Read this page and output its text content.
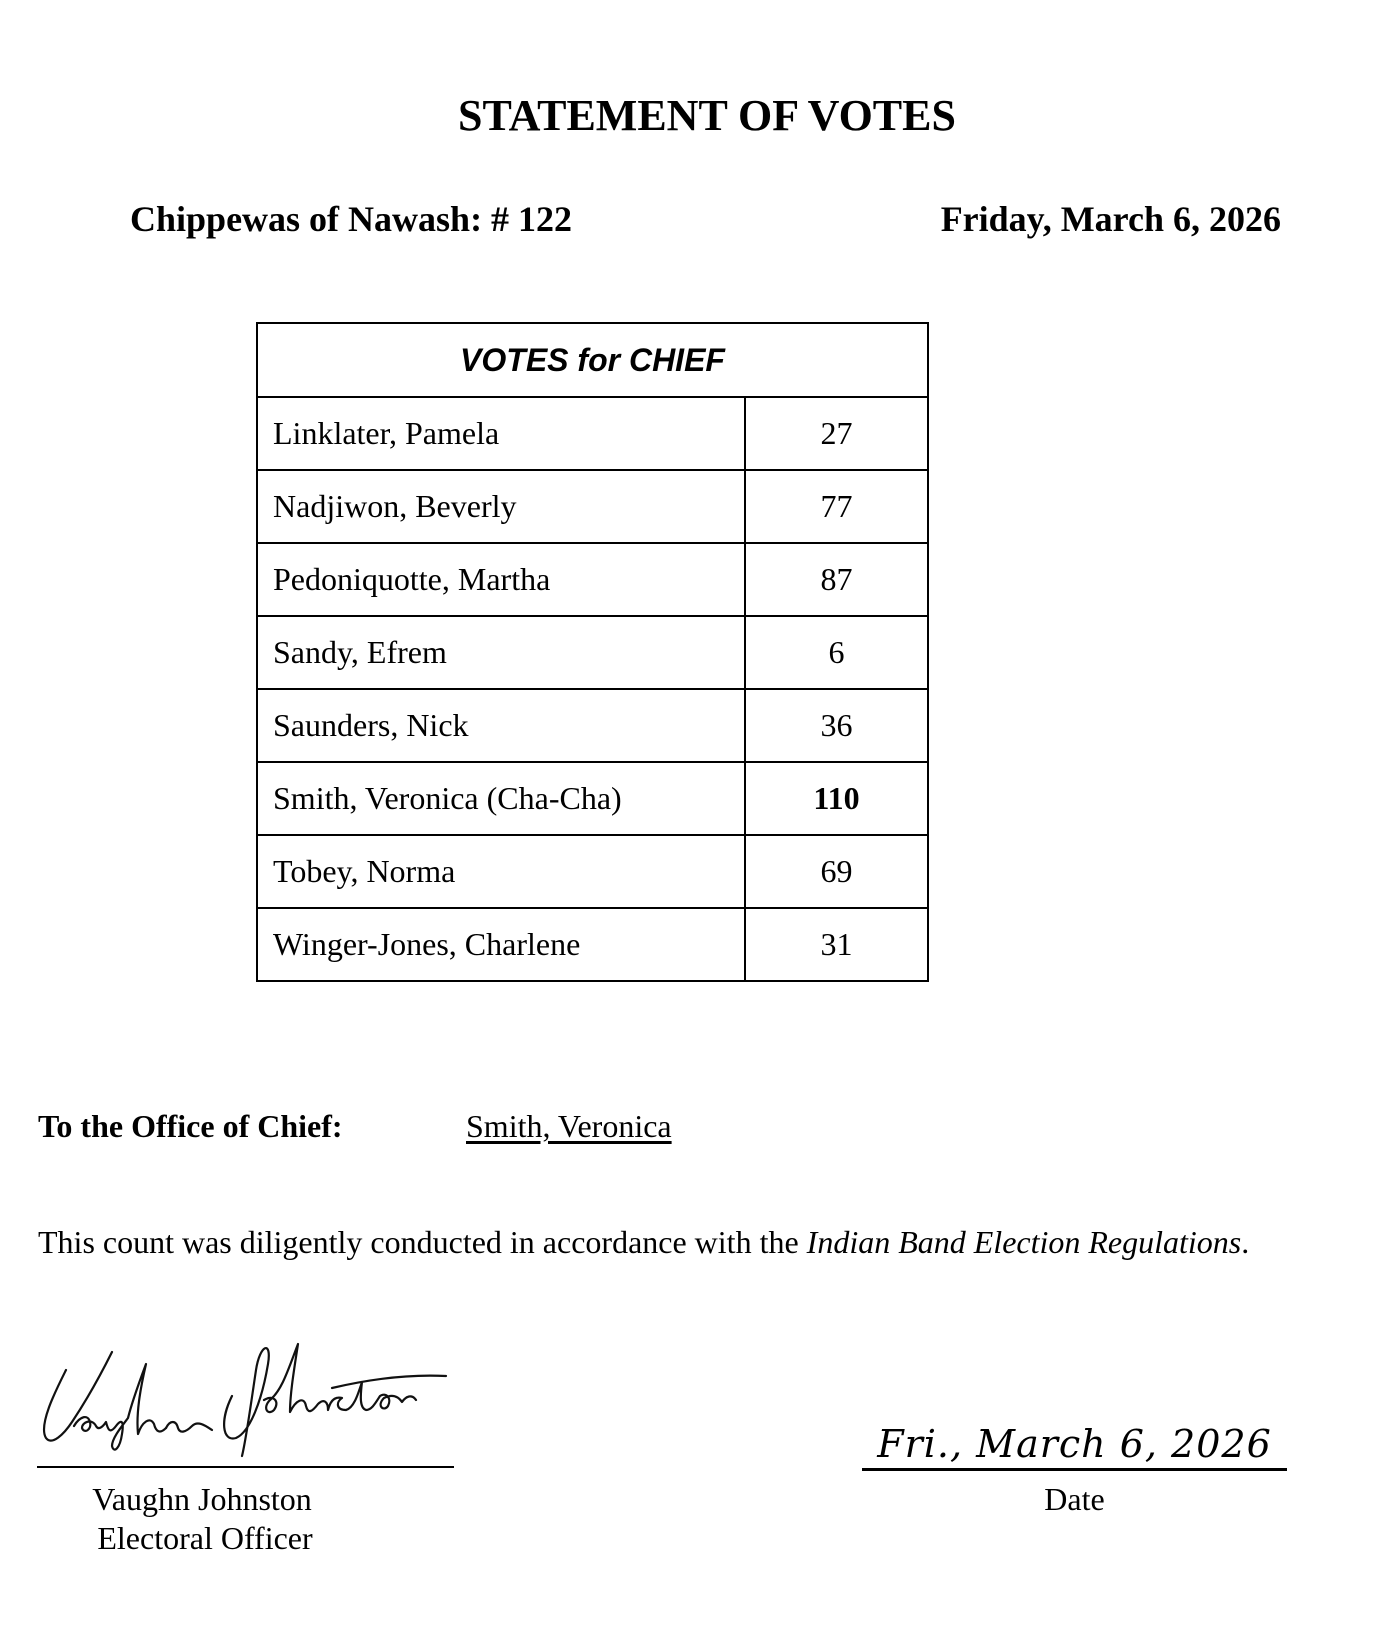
STATEMENT OF VOTES
Chippewas of Nawash: # 122	Friday, March 6, 2026
VOTES for CHIEF	
Linklater, Pamela	27
Nadjiwon, Beverly	77
Pedoniquotte, Martha	87
Sandy, Efrem	6
Saunders, Nick	36
Smith, Veronica (Cha-Cha)	110
Tobey, Norma	69
Winger-Jones, Charlene	31
To the Office of Chief:	Smith, Veronica
This count was diligently conducted in accordance with the Indian Band Election Regulations.
Vaughn Johnston
Electoral Officer
Fri., March 6, 2026
Date
